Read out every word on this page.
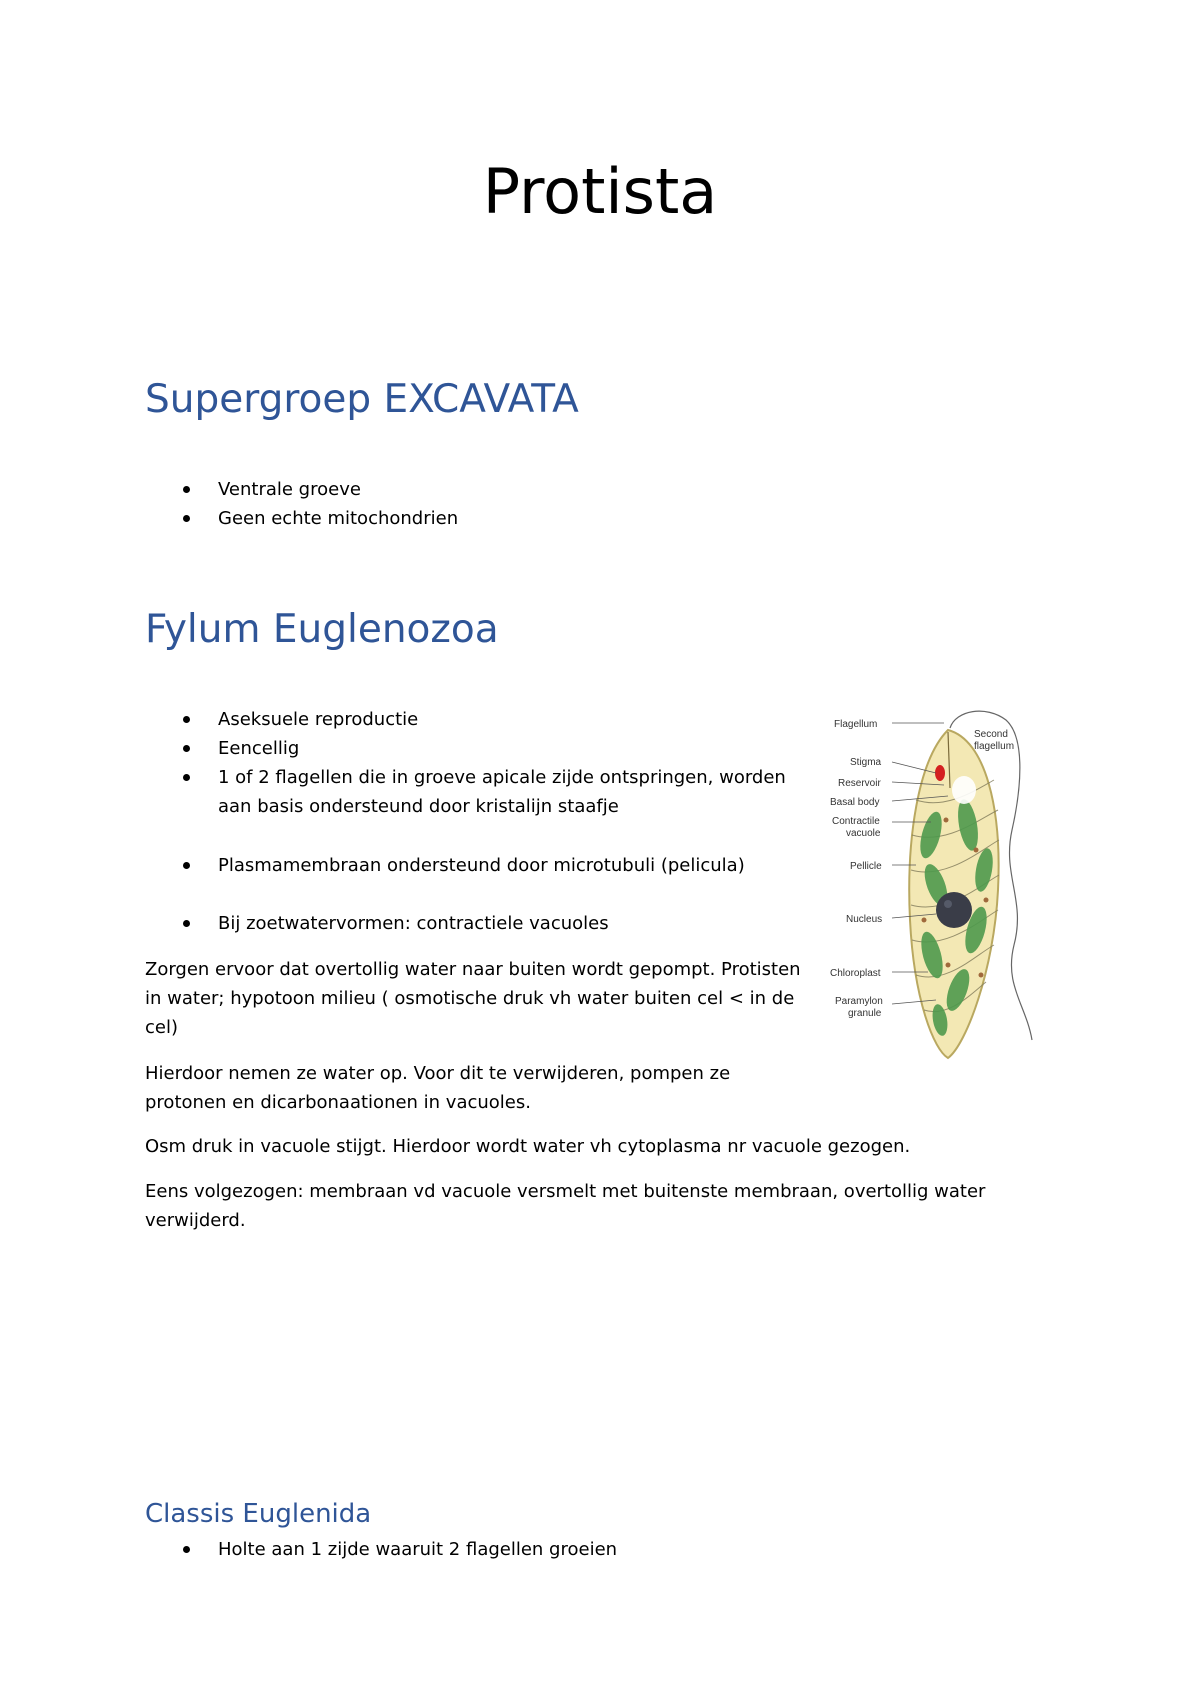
Protista
Supergroep EXCAVATA
Ventrale groeve
Geen echte mitochondrien
Fylum Euglenozoa
Aseksuele reproductie
Eencellig
1 of 2 flagellen die in groeve apicale zijde ontspringen, worden aan basis ondersteund door kristalijn staafje
Plasmamembraan ondersteund door microtubuli (pelicula)
Bij zoetwatervormen: contractiele vacuoles

Zorgen ervoor dat overtollig water naar buiten wordt gepompt. Protisten in water; hypotoon milieu ( osmotische druk vh water buiten cel < in de cel)

Hierdoor nemen ze water op. Voor dit te verwijderen, pompen ze protonen en dicarbonaationen in vacuoles.

Osm druk in vacuole stijgt. Hierdoor wordt water vh cytoplasma nr vacuole gezogen.

Eens volgezogen: membraan vd vacuole versmelt met buitenste membraan, overtollig water verwijderd.

Flagellum
Second
flagellum
Stigma
Reservoir
Basal body
Contractile
vacuole
Pellicle
Nucleus
Chloroplast
Paramylon
granule
Classis Euglenida
Holte aan 1 zijde waaruit 2 flagellen groeien
